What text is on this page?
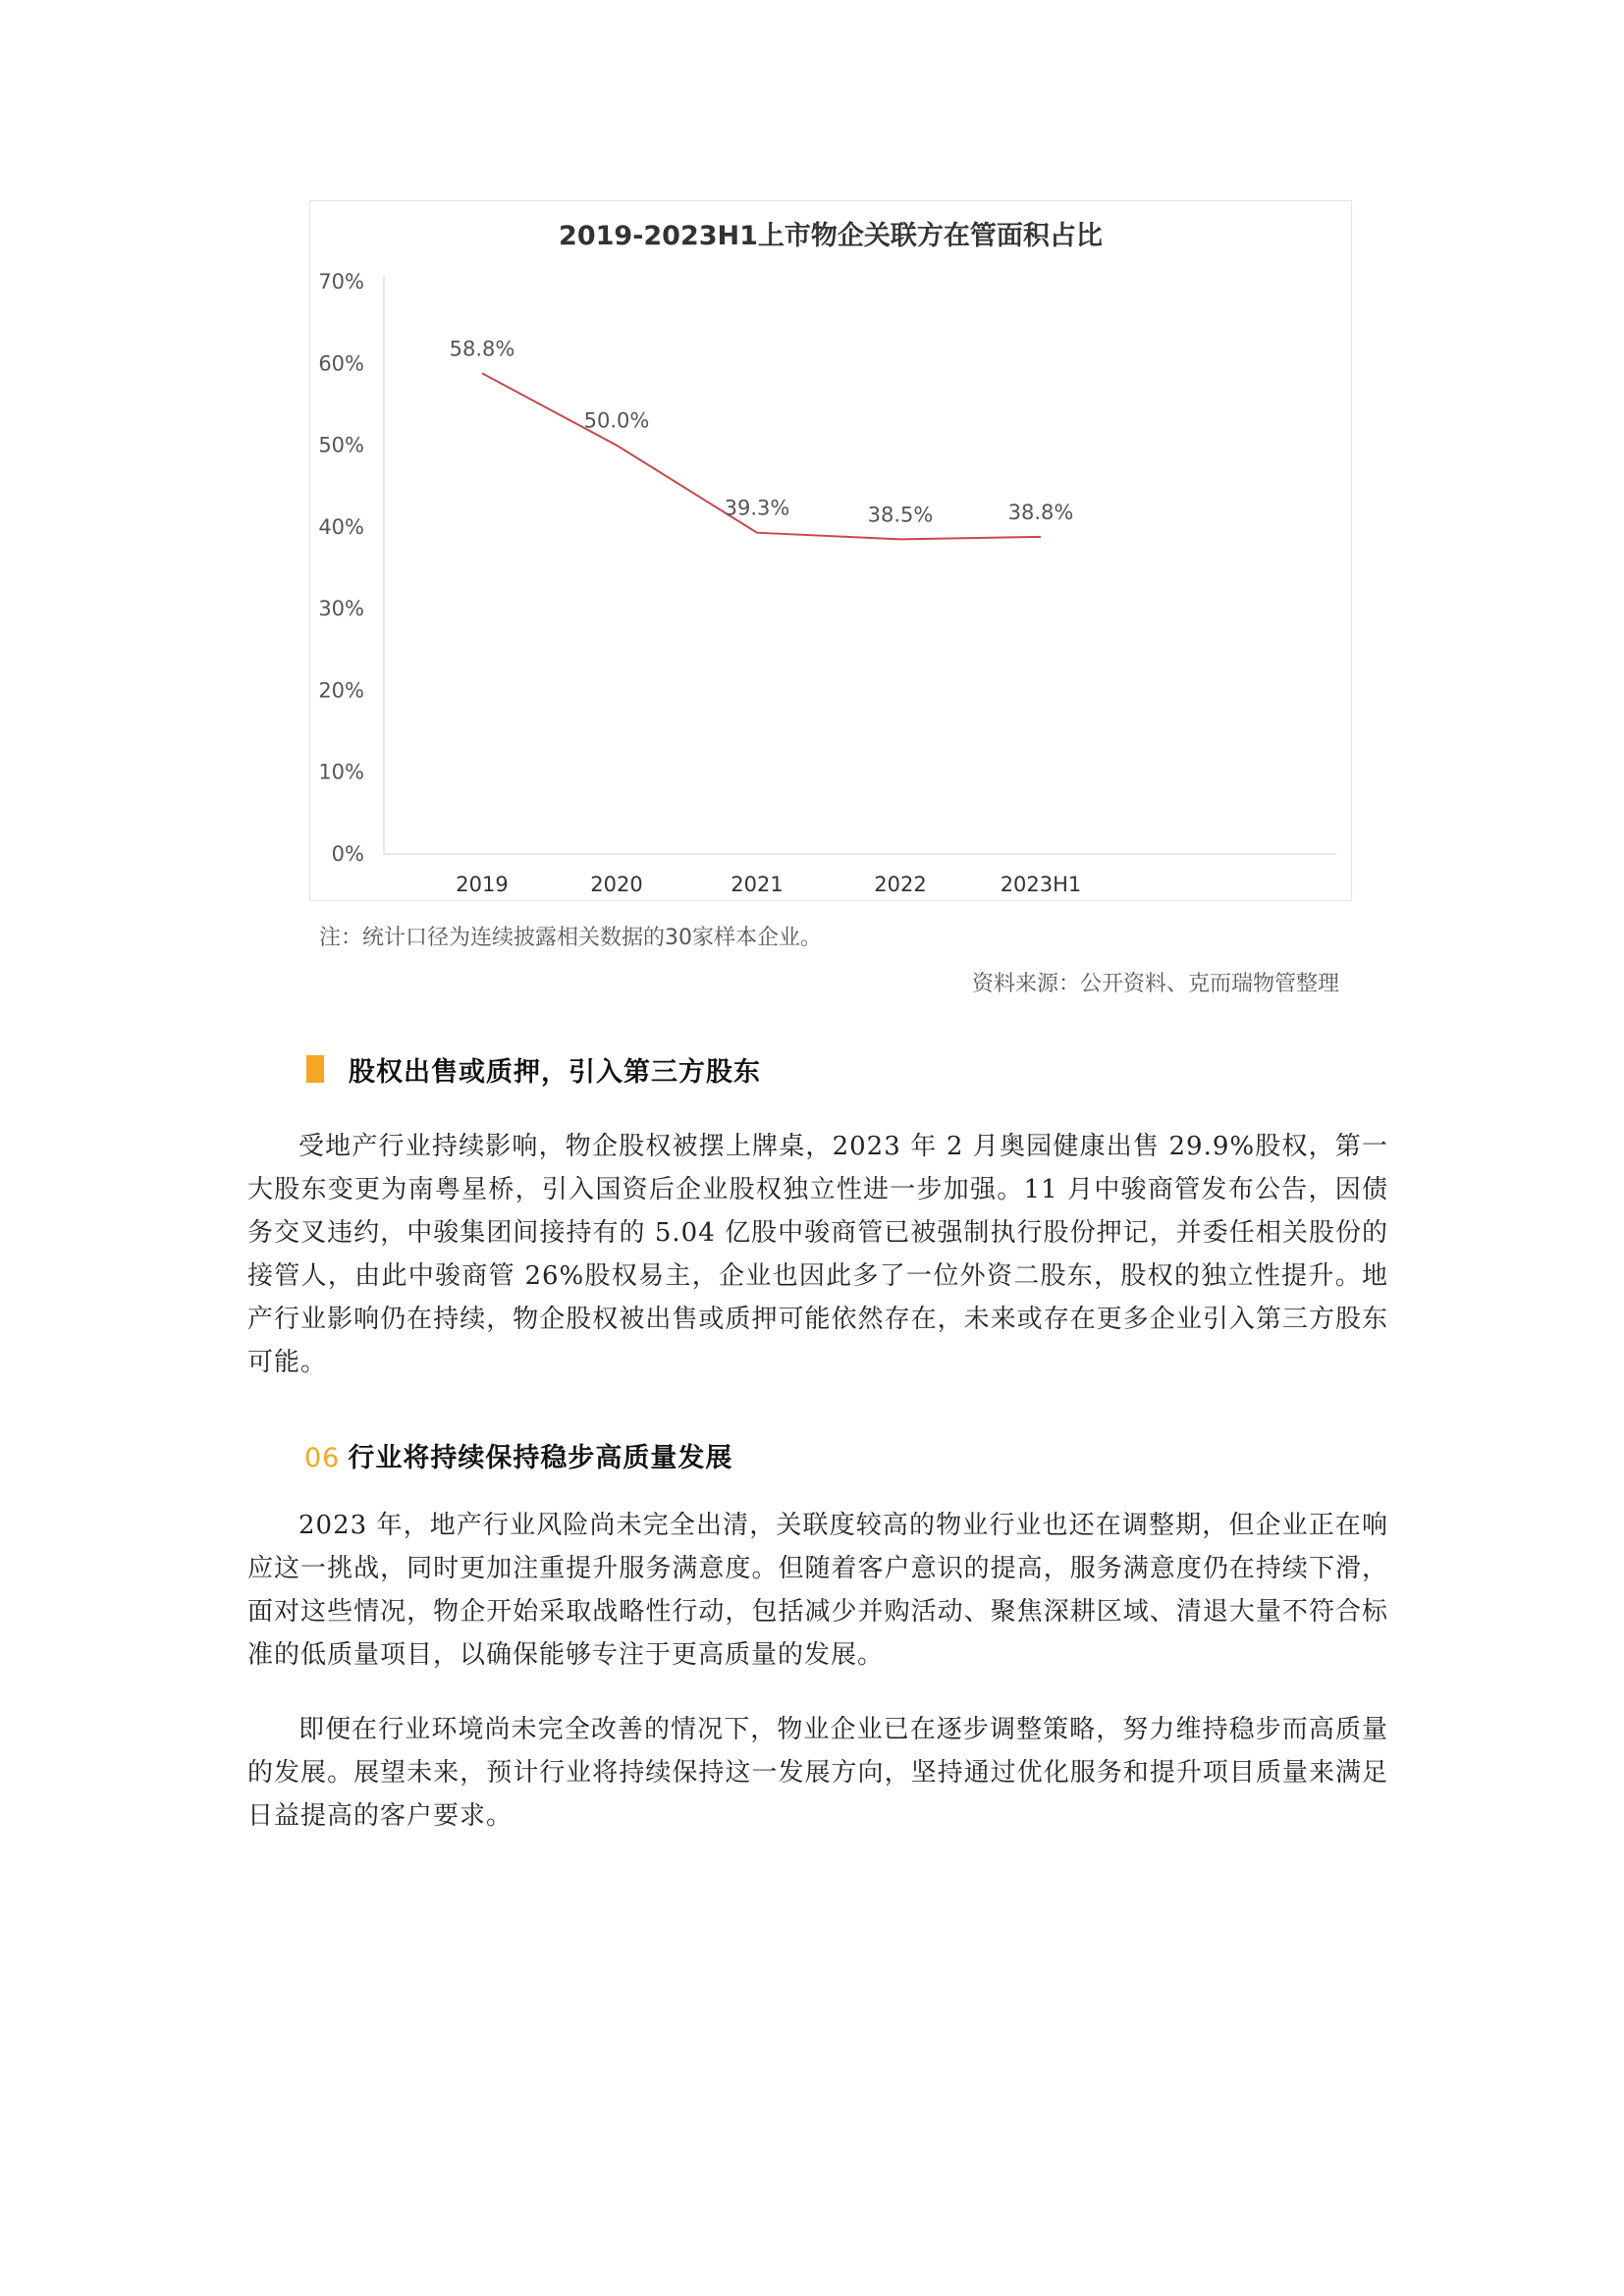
2019-2023H1上市物企关联方在管面积占比
0%
10%
20%
30%
40%
50%
60%
70%
2019	2020	2021	2022	2023H1
58.8%
50.0%
39.3%	38.5%	38.8%
注：统计口径为连续披露相关数据的30家样本企业。
资料来源：公开资料、克而瑞物管整理
股权出售或质押，引入第三方股东
受地产行业持续影响，物企股权被摆上牌桌，2023 年 2 月奥园健康出售 29.9%股权，第一大股东变更为南粤星桥，引入国资后企业股权独立性进一步加强。11 月中骏商管发布公告，因债务交叉违约，中骏集团间接持有的 5.04 亿股中骏商管已被强制执行股份押记，并委任相关股份的接管人，由此中骏商管 26%股权易主，企业也因此多了一位外资二股东，股权的独立性提升。地产行业影响仍在持续，物企股权被出售或质押可能依然存在，未来或存在更多企业引入第三方股东可能。
06 行业将持续保持稳步高质量发展
2023 年，地产行业风险尚未完全出清，关联度较高的物业行业也还在调整期，但企业正在响应这一挑战，同时更加注重提升服务满意度。但随着客户意识的提高，服务满意度仍在持续下滑，面对这些情况，物企开始采取战略性行动，包括减少并购活动、聚焦深耕区域、清退大量不符合标准的低质量项目，以确保能够专注于更高质量的发展。
即便在行业环境尚未完全改善的情况下，物业企业已在逐步调整策略，努力维持稳步而高质量的发展。展望未来，预计行业将持续保持这一发展方向，坚持通过优化服务和提升项目质量来满足日益提高的客户要求。
